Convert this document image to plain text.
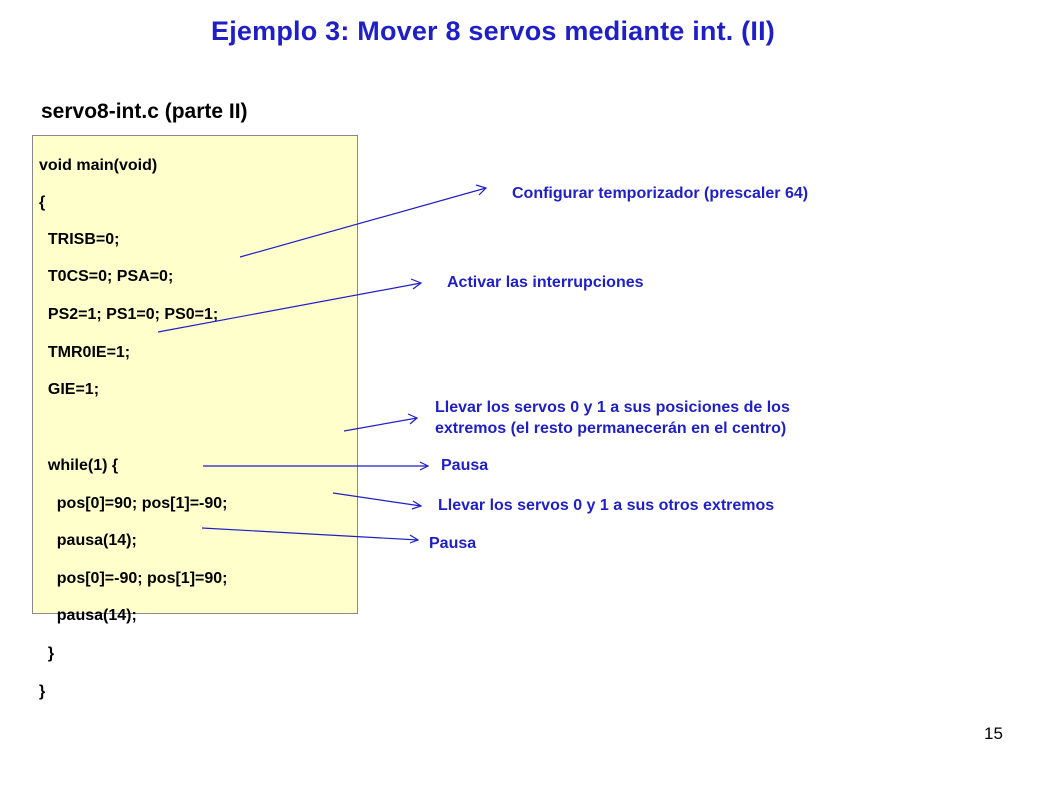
Ejemplo 3: Mover 8 servos mediante int. (II)
servo8-int.c (parte II)
void main(void)
{
TRISB=0;
T0CS=0; PSA=0;
PS2=1; PS1=0; PS0=1;
TMR0IE=1;
GIE=1;
while(1) {
pos[0]=90; pos[1]=-90;
pausa(14);
pos[0]=-90; pos[1]=90;
pausa(14);
}
}
Configurar temporizador (prescaler 64)
Activar las interrupciones
Llevar los servos 0 y 1 a sus posiciones de los
extremos (el resto permanecerán en el centro)
Pausa
Llevar los servos 0 y 1 a sus otros extremos
Pausa
15
